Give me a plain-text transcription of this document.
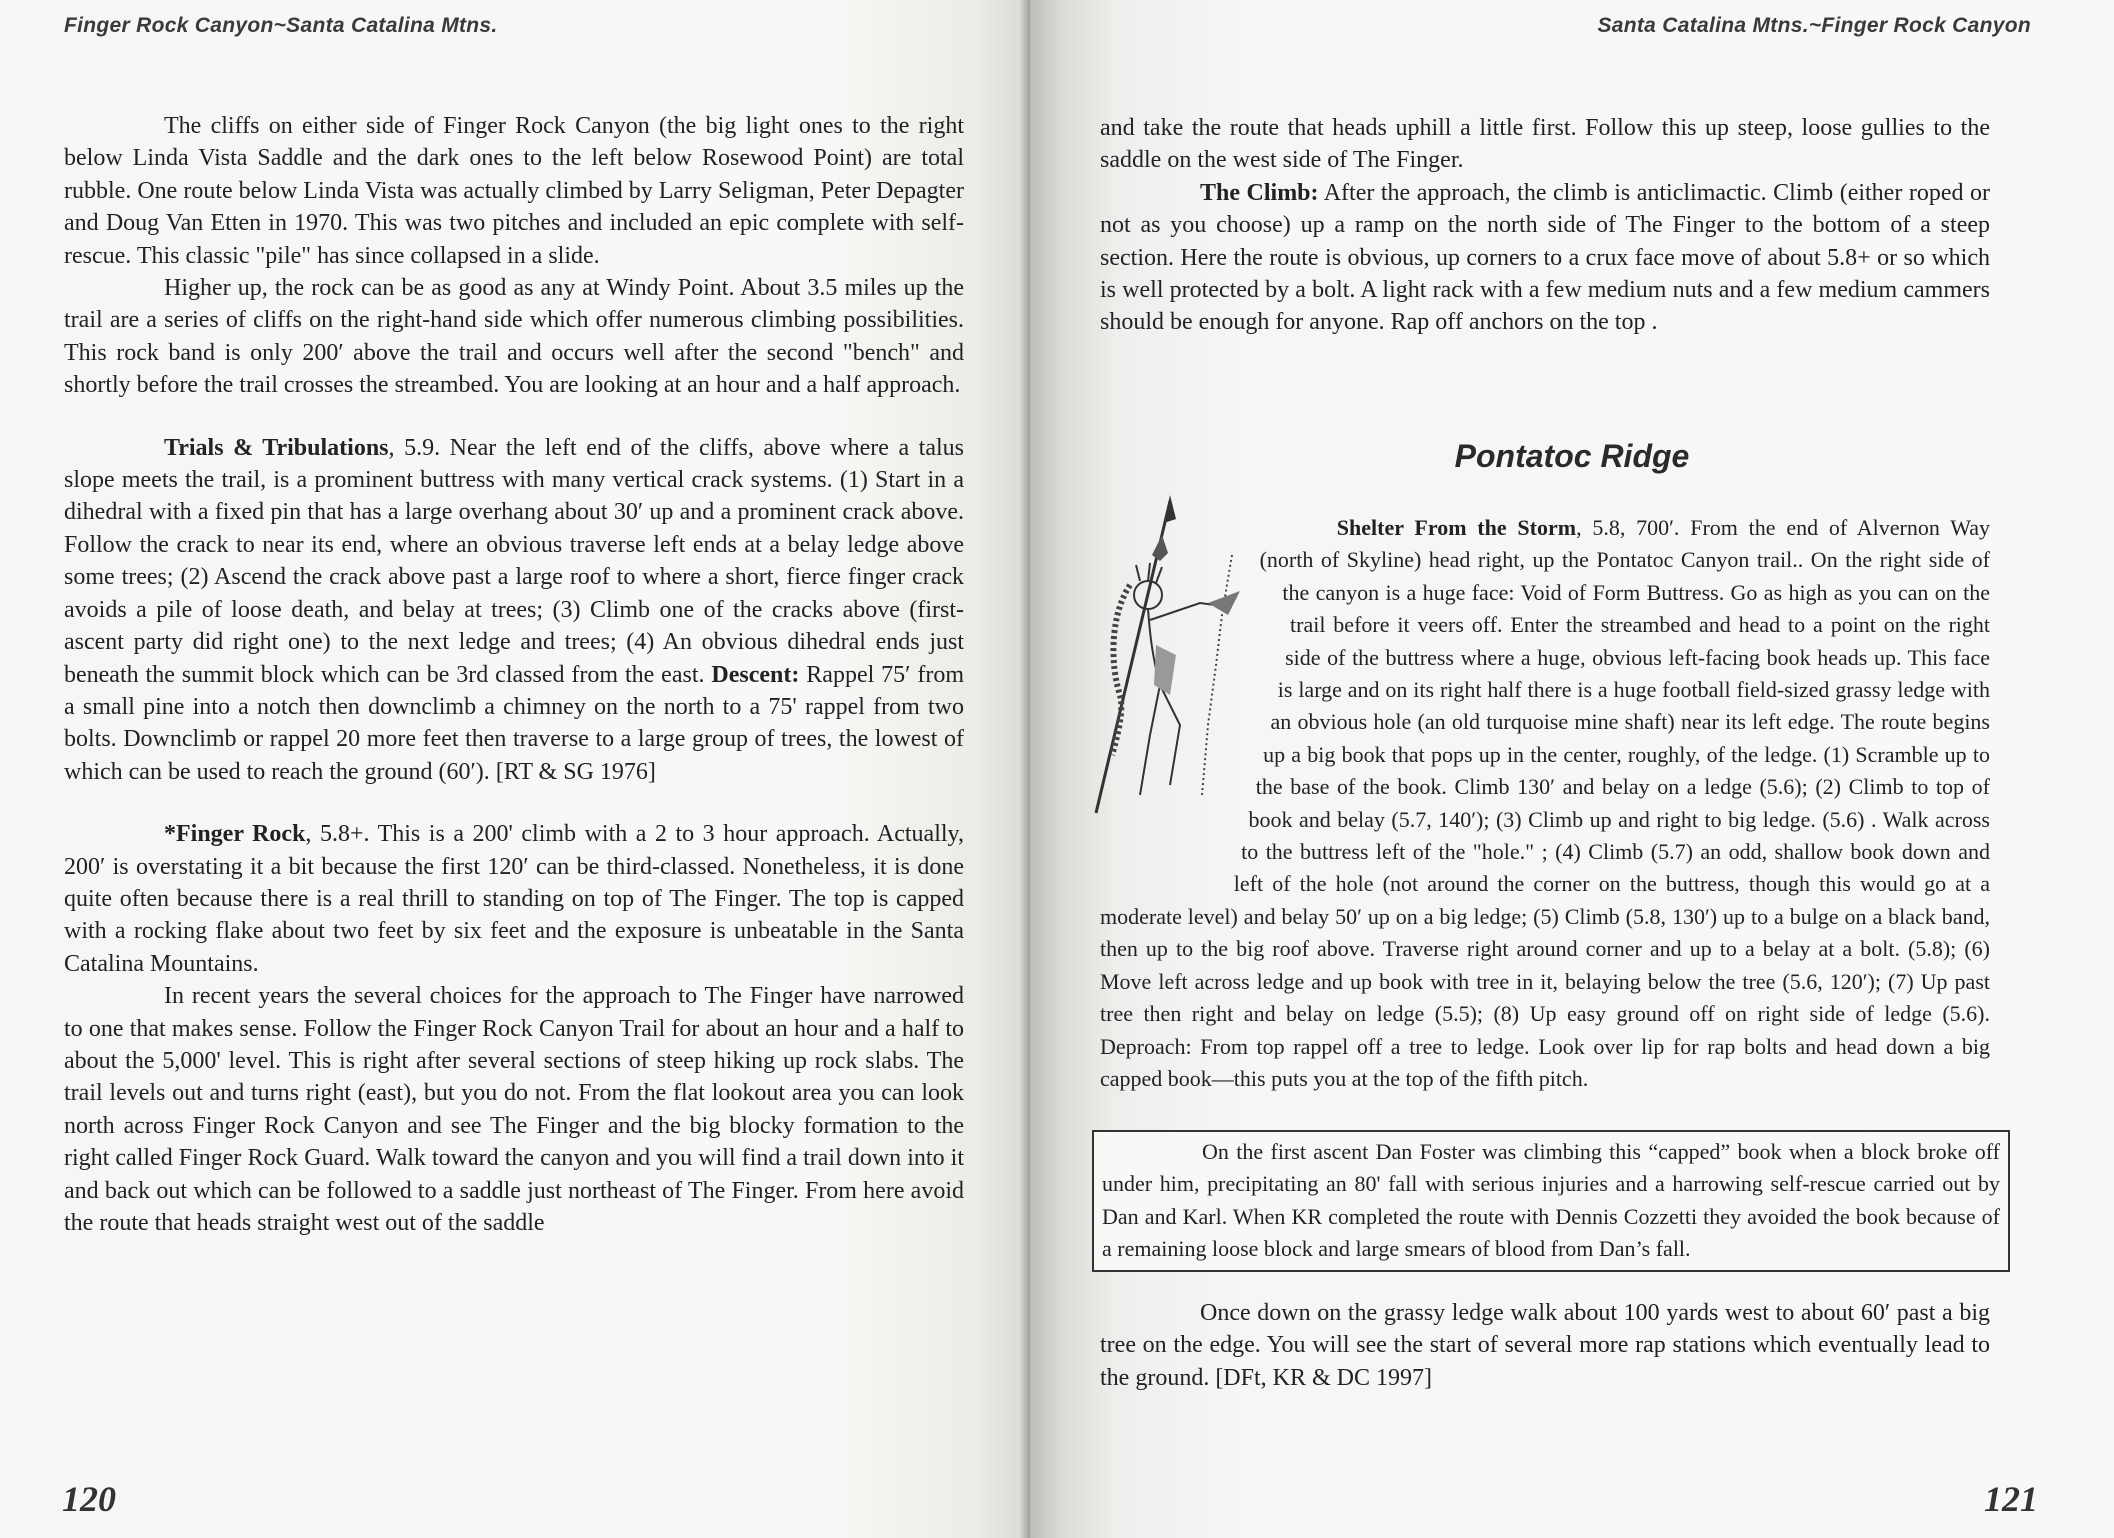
Finger Rock Canyon~Santa Catalina Mtns.

The cliffs on either side of Finger Rock Canyon (the big light ones to the right below Linda Vista Saddle and the dark ones to the left below Rosewood Point) are total rubble. One route below Linda Vista was actually climbed by Larry Seligman, Peter Depagter and Doug Van Etten in 1970. This was two pitches and included an epic complete with self-rescue. This classic "pile" has since collapsed in a slide.

Higher up, the rock can be as good as any at Windy Point. About 3.5 miles up the trail are a series of cliffs on the right-hand side which offer numerous climbing possibilities. This rock band is only 200′ above the trail and occurs well after the second "bench" and shortly before the trail crosses the streambed. You are looking at an hour and a half approach.

Trials & Tribulations, 5.9. Near the left end of the cliffs, above where a talus slope meets the trail, is a prominent buttress with many vertical crack systems. (1) Start in a dihedral with a fixed pin that has a large overhang about 30′ up and a prominent crack above. Follow the crack to near its end, where an obvious traverse left ends at a belay ledge above some trees; (2) Ascend the crack above past a large roof to where a short, fierce finger crack avoids a pile of loose death, and belay at trees; (3) Climb one of the cracks above (first-ascent party did right one) to the next ledge and trees; (4) An obvious dihedral ends just beneath the summit block which can be 3rd classed from the east. Descent: Rappel 75′ from a small pine into a notch then downclimb a chimney on the north to a 75' rappel from two bolts. Downclimb or rappel 20 more feet then traverse to a large group of trees, the lowest of which can be used to reach the ground (60′). [RT & SG 1976]

*Finger Rock, 5.8+. This is a 200' climb with a 2 to 3 hour approach. Actually, 200′ is overstating it a bit because the first 120′ can be third-classed. Nonetheless, it is done quite often because there is a real thrill to standing on top of The Finger. The top is capped with a rocking flake about two feet by six feet and the exposure is unbeatable in the Santa Catalina Mountains.

In recent years the several choices for the approach to The Finger have narrowed to one that makes sense. Follow the Finger Rock Canyon Trail for about an hour and a half to about the 5,000' level. This is right after several sections of steep hiking up rock slabs. The trail levels out and turns right (east), but you do not. From the flat lookout area you can look north across Finger Rock Canyon and see The Finger and the big blocky formation to the right called Finger Rock Guard. Walk toward the canyon and you will find a trail down into it and back out which can be followed to a saddle just northeast of The Finger. From here avoid the route that heads straight west out of the saddle

120
Santa Catalina Mtns.~Finger Rock Canyon

and take the route that heads uphill a little first. Follow this up steep, loose gullies to the saddle on the west side of The Finger.

The Climb: After the approach, the climb is anticlimactic. Climb (either roped or not as you choose) up a ramp on the north side of The Finger to the bottom of a steep section. Here the route is obvious, up corners to a crux face move of about 5.8+ or so which is well protected by a bolt. A light rack with a few medium nuts and a few medium cammers should be enough for anyone. Rap off anchors on the top .

Pontatoc Ridge

Shelter From the Storm, 5.8, 700′. From the end of Alvernon Way (north of Skyline) head right, up the Pontatoc Canyon trail.. On the right side of the canyon is a huge face: Void of Form Buttress. Go as high as you can on the trail before it veers off. Enter the streambed and head to a point on the right side of the buttress where a huge, obvious left-facing book heads up. This face is large and on its right half there is a huge football field-sized grassy ledge with an obvious hole (an old turquoise mine shaft) near its left edge. The route begins up a big book that pops up in the center, roughly, of the ledge. (1) Scramble up to the base of the book. Climb 130′ and belay on a ledge (5.6); (2) Climb to top of book and belay (5.7, 140′); (3) Climb up and right to big ledge. (5.6) . Walk across to the buttress left of the "hole." ; (4) Climb (5.7) an odd, shallow book down and left of the hole (not around the corner on the buttress, though this would go at a moderate level) and belay 50′ up on a big ledge; (5) Climb (5.8, 130′) up to a bulge on a black band, then up to the big roof above. Traverse right around corner and up to a belay at a bolt. (5.8); (6) Move left across ledge and up book with tree in it, belaying below the tree (5.6, 120′); (7) Up past tree then right and belay on ledge (5.5); (8) Up easy ground off on right side of ledge (5.6). Deproach: From top rappel off a tree to ledge. Look over lip for rap bolts and head down a big capped book—this puts you at the top of the fifth pitch.

On the first ascent Dan Foster was climbing this “capped” book when a block broke off under him, precipitating an 80' fall with serious injuries and a harrowing self-rescue carried out by Dan and Karl. When KR completed the route with Dennis Cozzetti they avoided the book because of a remaining loose block and large smears of blood from Dan’s fall.

Once down on the grassy ledge walk about 100 yards west to about 60′ past a big tree on the edge. You will see the start of several more rap stations which eventually lead to the ground. [DFt, KR & DC 1997]

121
